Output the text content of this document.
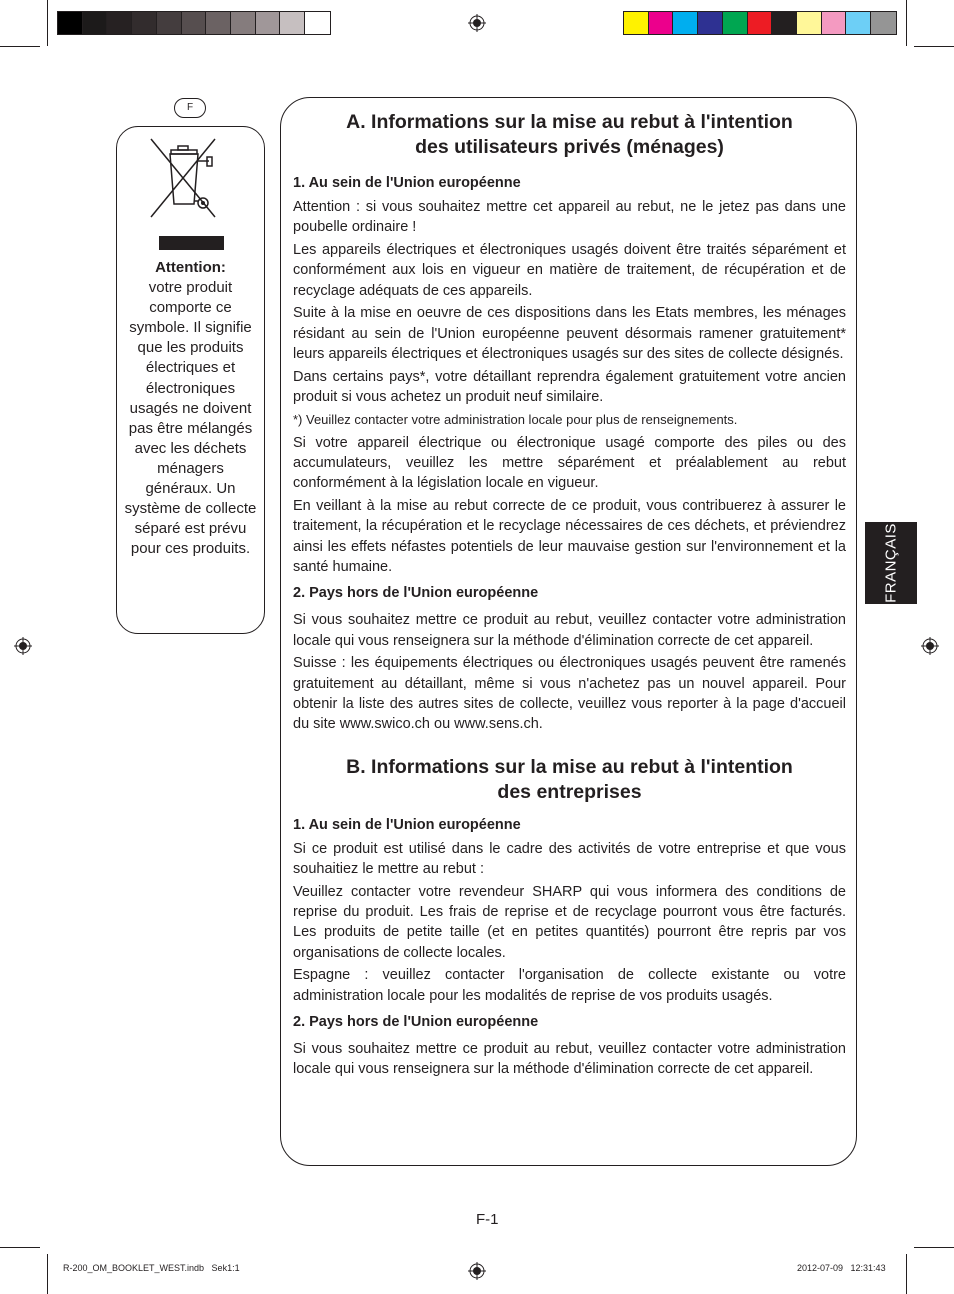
F
Attention:
votre produit comporte ce symbole. Il signifie que les produits électriques et électroniques usagés ne doivent pas être mélangés avec les déchets ménagers généraux. Un système de collecte séparé est prévu pour ces produits.
A. Informations sur la mise au rebut à l'intention
des utilisateurs privés (ménages)

1. Au sein de l'Union européenne

Attention : si vous souhaitez mettre cet appareil au rebut, ne le jetez pas dans une poubelle ordinaire !

Les appareils électriques et électroniques usagés doivent être traités séparément et conformément aux lois en vigueur en matière de traitement, de récupération et de recyclage adéquats de ces appareils.

Suite à la mise en oeuvre de ces dispositions dans les Etats membres, les ménages résidant au sein de l'Union européenne peuvent désormais ramener gratuitement* leurs appareils électriques et électroniques usagés sur des sites de collecte désignés.

Dans certains pays*, votre détaillant reprendra également gratuitement votre ancien produit si vous achetez un produit neuf similaire.

*) Veuillez contacter votre administration locale pour plus de renseignements.

Si votre appareil électrique ou électronique usagé comporte des piles ou des accumulateurs, veuillez les mettre séparément et préalablement au rebut conformément à la législation locale en vigueur.

En veillant à la mise au rebut correcte de ce produit, vous contribuerez à assurer le traitement, la récupération et le recyclage nécessaires de ces déchets, et préviendrez ainsi les effets néfastes potentiels de leur mauvaise gestion sur l'environnement et la santé humaine.

2. Pays hors de l'Union européenne

Si vous souhaitez mettre ce produit au rebut, veuillez contacter votre administration locale qui vous renseignera sur la méthode d'élimination correcte de cet appareil.

Suisse : les équipements électriques ou électroniques usagés peuvent être ramenés gratuitement au détaillant, même si vous n'achetez pas un nouvel appareil. Pour obtenir la liste des autres sites de collecte, veuillez vous reporter à la page d'accueil du site www.swico.ch ou www.sens.ch.

B. Informations sur la mise au rebut à l'intention
des entreprises

1. Au sein de l'Union européenne

Si ce produit est utilisé dans le cadre des activités de votre entreprise et que vous souhaitiez le mettre au rebut :

Veuillez contacter votre revendeur SHARP qui vous informera des conditions de reprise du produit. Les frais de reprise et de recyclage pourront vous être facturés. Les produits de petite taille (et en petites quantités) pourront être repris par vos organisations de collecte locales.

Espagne : veuillez contacter l'organisation de collecte existante ou votre administration locale pour les modalités de reprise de vos produits usagés.

2. Pays hors de l'Union européenne

Si vous souhaitez mettre ce produit au rebut, veuillez contacter votre administration locale qui vous renseignera sur la méthode d'élimination correcte de cet appareil.

FRANÇAIS
F-1
R-200_OM_BOOKLET_WEST.indb   Sek1:1	2012-07-09   12:31:43
